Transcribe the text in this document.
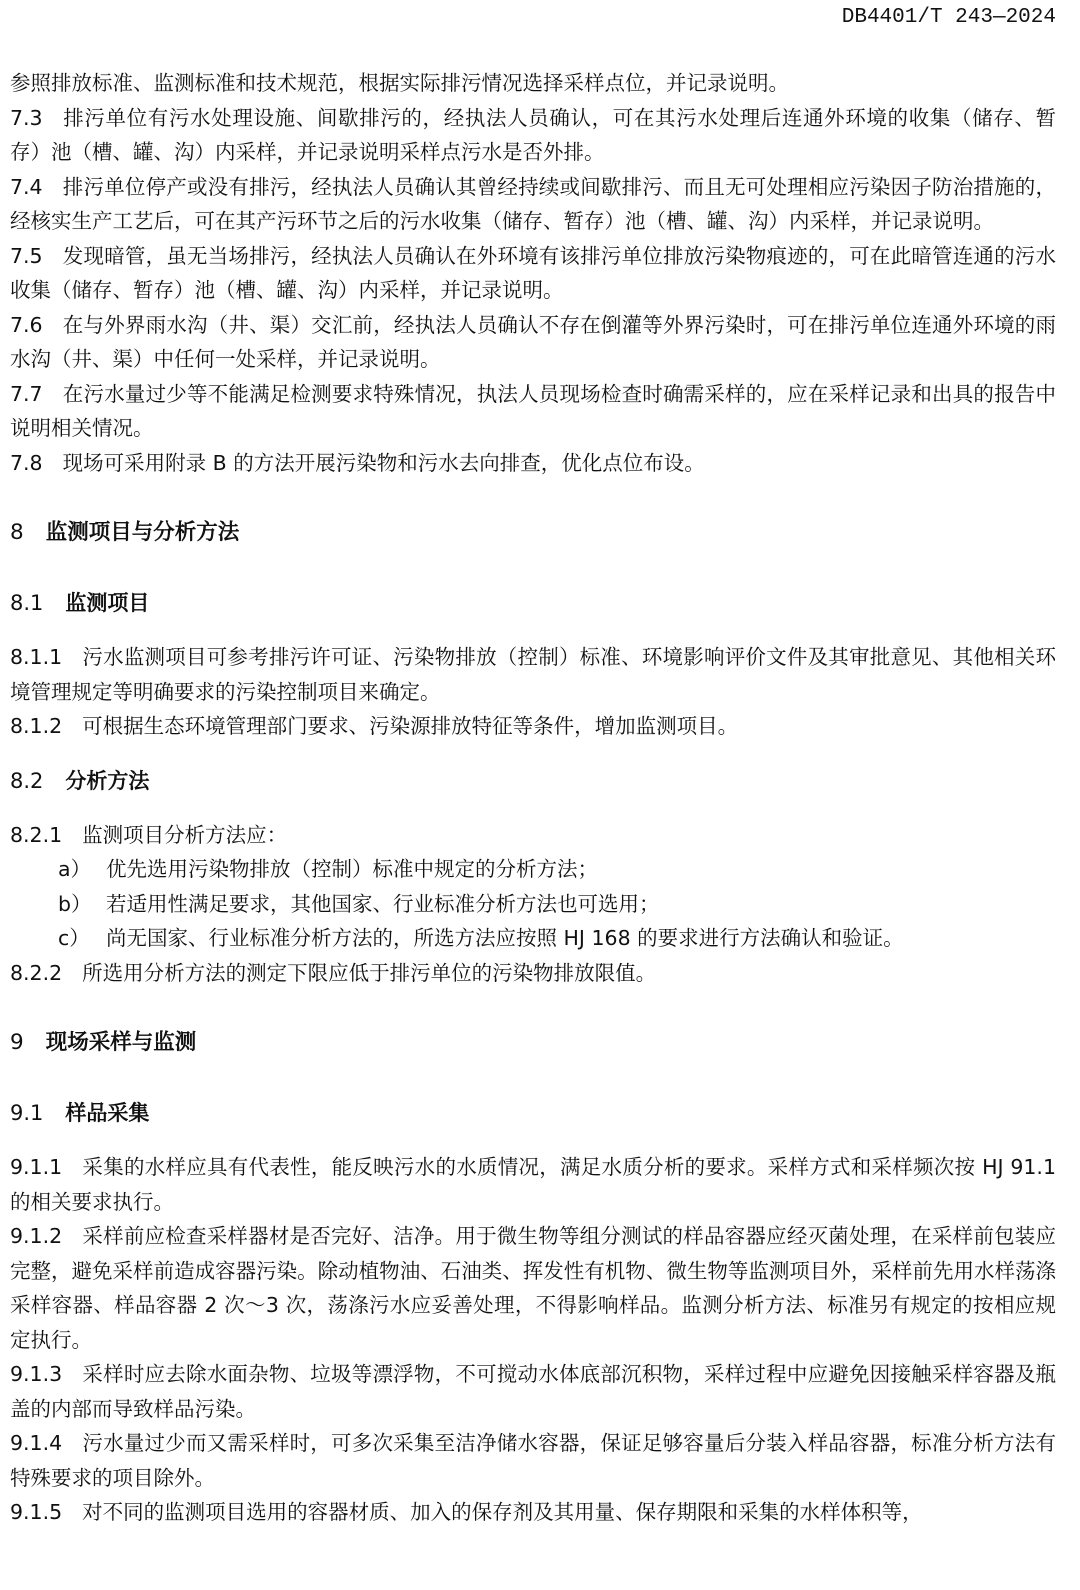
DB4401/T 243—2024

参照排放标准、监测标准和技术规范，根据实际排污情况选择采样点位，并记录说明。

7.3 排污单位有污水处理设施、间歇排污的，经执法人员确认，可在其污水处理后连通外环境的收集（储存、暂存）池（槽、罐、沟）内采样，并记录说明采样点污水是否外排。

7.4 排污单位停产或没有排污，经执法人员确认其曾经持续或间歇排污、而且无可处理相应污染因子防治措施的，经核实生产工艺后，可在其产污环节之后的污水收集（储存、暂存）池（槽、罐、沟）内采样，并记录说明。

7.5 发现暗管，虽无当场排污，经执法人员确认在外环境有该排污单位排放污染物痕迹的，可在此暗管连通的污水收集（储存、暂存）池（槽、罐、沟）内采样，并记录说明。

7.6 在与外界雨水沟（井、渠）交汇前，经执法人员确认不存在倒灌等外界污染时，可在排污单位连通外环境的雨水沟（井、渠）中任何一处采样，并记录说明。

7.7 在污水量过少等不能满足检测要求特殊情况，执法人员现场检查时确需采样的，应在采样记录和出具的报告中说明相关情况。

7.8 现场可采用附录 B 的方法开展污染物和污水去向排查，优化点位布设。

8 监测项目与分析方法

8.1 监测项目

8.1.1 污水监测项目可参考排污许可证、污染物排放（控制）标准、环境影响评价文件及其审批意见、其他相关环境管理规定等明确要求的污染控制项目来确定。

8.1.2 可根据生态环境管理部门要求、污染源排放特征等条件，增加监测项目。

8.2 分析方法

8.2.1 监测项目分析方法应：

a） 优先选用污染物排放（控制）标准中规定的分析方法；

b） 若适用性满足要求，其他国家、行业标准分析方法也可选用；

c） 尚无国家、行业标准分析方法的，所选方法应按照 HJ 168 的要求进行方法确认和验证。

8.2.2 所选用分析方法的测定下限应低于排污单位的污染物排放限值。

9 现场采样与监测

9.1 样品采集

9.1.1 采集的水样应具有代表性，能反映污水的水质情况，满足水质分析的要求。采样方式和采样频次按 HJ 91.1 的相关要求执行。

9.1.2 采样前应检查采样器材是否完好、洁净。用于微生物等组分测试的样品容器应经灭菌处理，在采样前包装应完整，避免采样前造成容器污染。除动植物油、石油类、挥发性有机物、微生物等监测项目外，采样前先用水样荡涤采样容器、样品容器 2 次～3 次，荡涤污水应妥善处理，不得影响样品。监测分析方法、标准另有规定的按相应规定执行。

9.1.3 采样时应去除水面杂物、垃圾等漂浮物，不可搅动水体底部沉积物，采样过程中应避免因接触采样容器及瓶盖的内部而导致样品污染。

9.1.4 污水量过少而又需采样时，可多次采集至洁净储水容器，保证足够容量后分装入样品容器，标准分析方法有特殊要求的项目除外。

9.1.5 对不同的监测项目选用的容器材质、加入的保存剂及其用量、保存期限和采集的水样体积等，
